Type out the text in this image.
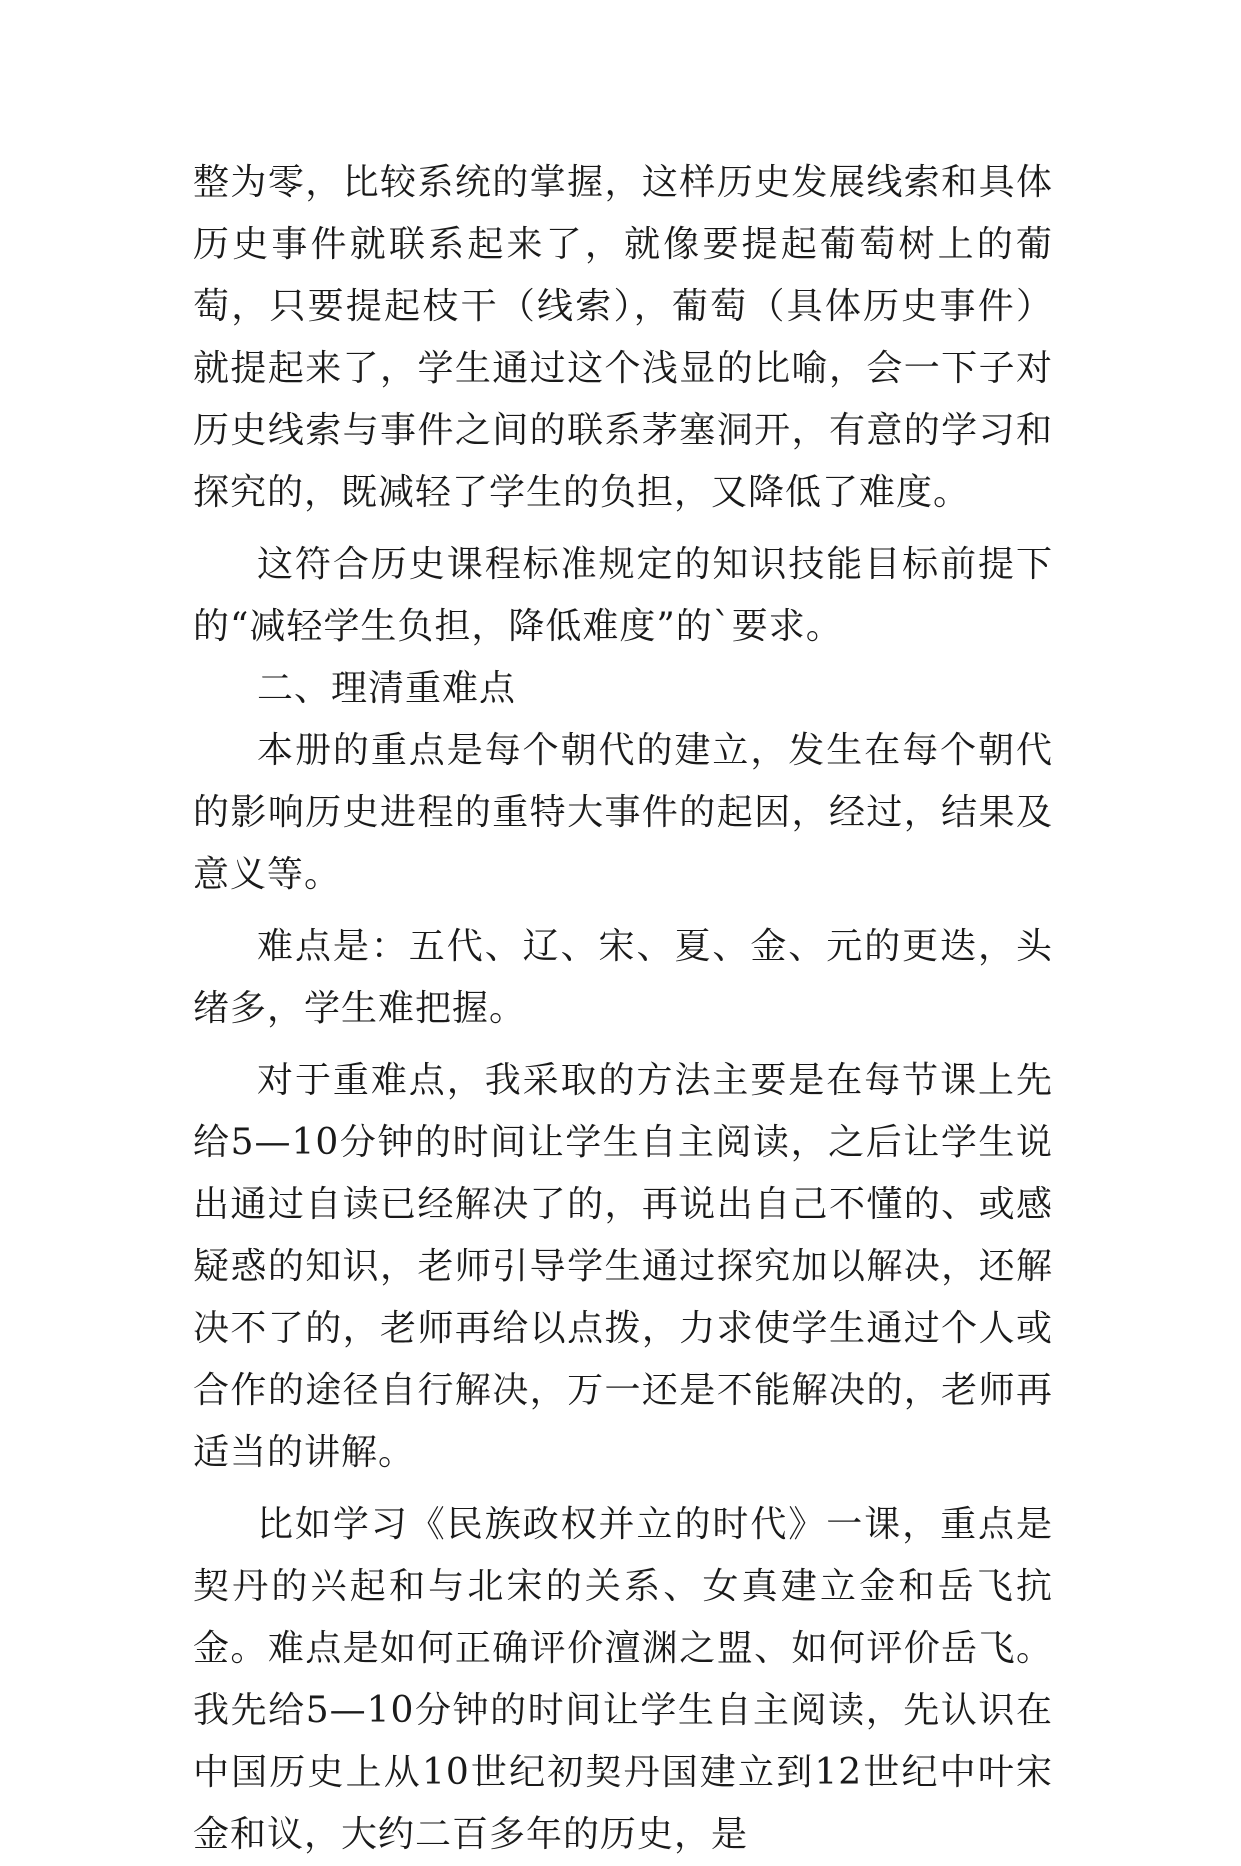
整为零，比较系统的掌握，这样历史发展线索和具体历史事件就联系起来了，就像要提起葡萄树上的葡萄，只要提起枝干（线索），葡萄（具体历史事件）就提起来了，学生通过这个浅显的比喻，会一下子对历史线索与事件之间的联系茅塞洞开，有意的学习和探究的，既减轻了学生的负担，又降低了难度。

这符合历史课程标准规定的知识技能目标前提下的“减轻学生负担，降低难度”的`要求。

二、理清重难点

本册的重点是每个朝代的建立，发生在每个朝代的影响历史进程的重特大事件的起因，经过，结果及意义等。

难点是：五代、辽、宋、夏、金、元的更迭，头绪多，学生难把握。

对于重难点，我采取的方法主要是在每节课上先给5—10分钟的时间让学生自主阅读，之后让学生说出通过自读已经解决了的，再说出自己不懂的、或感疑惑的知识，老师引导学生通过探究加以解决，还解决不了的，老师再给以点拨，力求使学生通过个人或合作的途径自行解决，万一还是不能解决的，老师再适当的讲解。

比如学习《民族政权并立的时代》一课，重点是契丹的兴起和与北宋的关系、女真建立金和岳飞抗金。难点是如何正确评价澶渊之盟、如何评价岳飞。我先给5—10分钟的时间让学生自主阅读，先认识在中国历史上从10世纪初契丹国建立到12世纪中叶宋金和议，大约二百多年的历史，是
